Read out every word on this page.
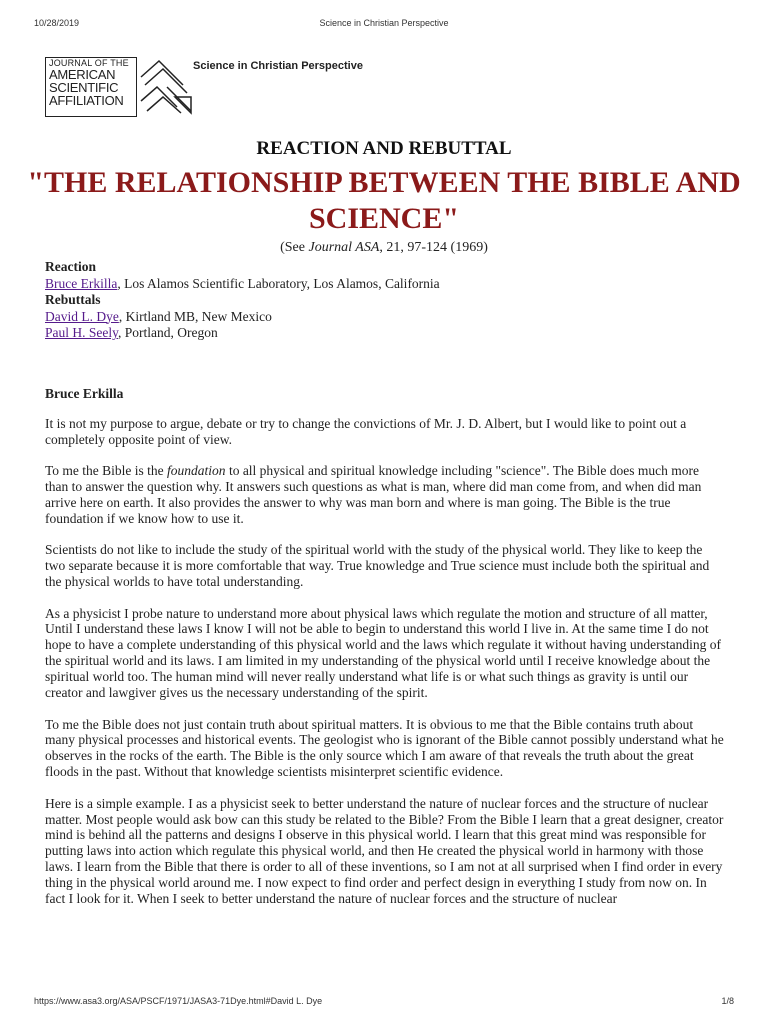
10/28/2019	Science in Christian Perspective
JOURNAL OF THE
AMERICAN
SCIENTIFIC
AFFILIATION
Science in Christian Perspective
REACTION AND REBUTTAL
"THE RELATIONSHIP BETWEEN THE BIBLE AND SCIENCE"
(See Journal ASA, 21, 97-124 (1969)
Reaction
Bruce Erkilla, Los Alamos Scientific Laboratory, Los Alamos, California
Rebuttals
David L. Dye, Kirtland MB, New Mexico
Paul H. Seely, Portland, Oregon
Bruce Erkilla

It is not my purpose to argue, debate or try to change the convictions of Mr. J. D. Albert, but I would like to point out a completely opposite point of view.

To me the Bible is the foundation to all physical and spiritual knowledge including "science". The Bible does much more than to answer the question why. It answers such questions as what is man, where did man come from, and when did man arrive here on earth. It also provides the answer to why was man born and where is man going. The Bible is the true foundation if we know how to use it.

Scientists do not like to include the study of the spiritual world with the study of the physical world. They like to keep the two separate because it is more comfortable that way. True knowledge and True science must include both the spiritual and the physical worlds to have total understanding.

As a physicist I probe nature to understand more about physical laws which regulate the motion and structure of all matter, Until I understand these laws I know I will not be able to begin to understand this world I live in. At the same time I do not hope to have a complete understanding of this physical world and the laws which regulate it without having understanding of the spiritual world and its laws. I am limited in my understanding of the physical world until I receive knowledge about the spiritual world too. The human mind will never really understand what life is or what such things as gravity is until our creator and lawgiver gives us the necessary understanding of the spirit.

To me the Bible does not just contain truth about spiritual matters. It is obvious to me that the Bible contains truth about many physical processes and historical events. The geologist who is ignorant of the Bible cannot possibly understand what he observes in the rocks of the earth. The Bible is the only source which I am aware of that reveals the truth about the great floods in the past. Without that knowledge scientists misinterpret scientific evidence.

Here is a simple example. I as a physicist seek to better understand the nature of nuclear forces and the structure of nuclear matter. Most people would ask bow can this study be related to the Bible? From the Bible I learn that a great designer, creator mind is behind all the patterns and designs I observe in this physical world. I learn that this great mind was responsible for putting laws into action which regulate this physical world, and then He created the physical world in harmony with those laws. I learn from the Bible that there is order to all of these inventions, so I am not at all surprised when I find order in every thing in the physical world around me. I now expect to find order and perfect design in everything I study from now on. In fact I look for it. When I seek to better understand the nature of nuclear forces and the structure of nuclear

https://www.asa3.org/ASA/PSCF/1971/JASA3-71Dye.html#David L. Dye	1/8
